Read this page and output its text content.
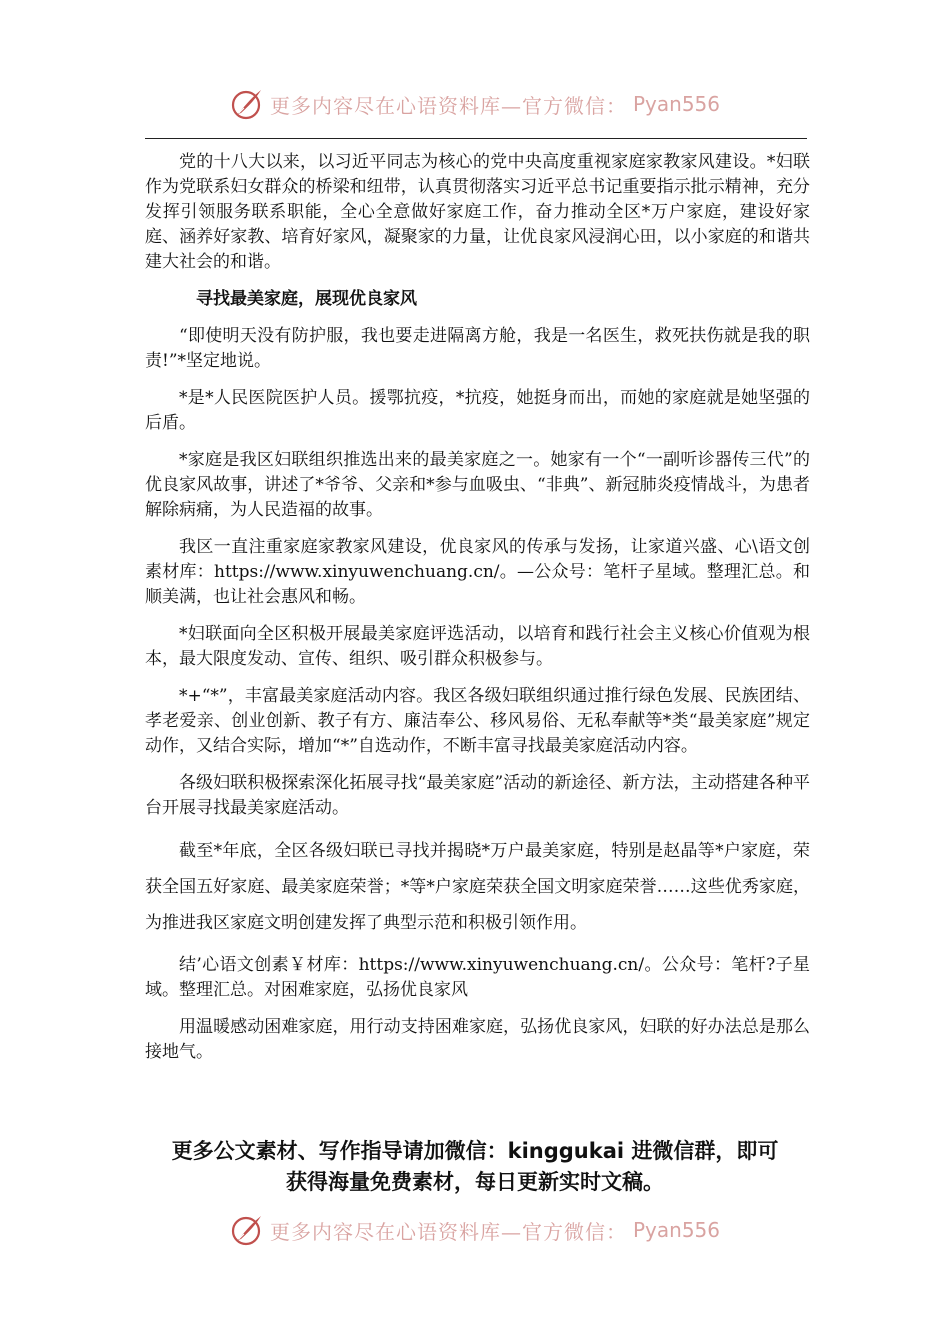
更多内容尽在心语资料库—官方微信： Pyan556

党的十八大以来，以习近平同志为核心的党中央高度重视家庭家教家风建设。*妇联作为党联系妇女群众的桥梁和纽带，认真贯彻落实习近平总书记重要指示批示精神，充分发挥引领服务联系职能，全心全意做好家庭工作，奋力推动全区*万户家庭，建设好家庭、涵养好家教、培育好家风，凝聚家的力量，让优良家风浸润心田，以小家庭的和谐共建大社会的和谐。

寻找最美家庭，展现优良家风

“即使明天没有防护服，我也要走进隔离方舱，我是一名医生，救死扶伤就是我的职责!”*坚定地说。

*是*人民医院医护人员。援鄂抗疫，*抗疫，她挺身而出，而她的家庭就是她坚强的后盾。

*家庭是我区妇联组织推选出来的最美家庭之一。她家有一个“一副听诊器传三代”的优良家风故事，讲述了*爷爷、父亲和*参与血吸虫、“非典”、新冠肺炎疫情战斗，为患者解除病痛，为人民造福的故事。

我区一直注重家庭家教家风建设，优良家风的传承与发扬，让家道兴盛、心\语文创素材库：https://www.xinyuwenchuang.cn/。—公众号：笔杆子星域。整理汇总。和顺美满，也让社会惠风和畅。

*妇联面向全区积极开展最美家庭评选活动，以培育和践行社会主义核心价值观为根本，最大限度发动、宣传、组织、吸引群众积极参与。

*+“*”，丰富最美家庭活动内容。我区各级妇联组织通过推行绿色发展、民族团结、孝老爱亲、创业创新、教子有方、廉洁奉公、移风易俗、无私奉献等*类“最美家庭”规定动作，又结合实际，增加“*”自选动作，不断丰富寻找最美家庭活动内容。

各级妇联积极探索深化拓展寻找“最美家庭”活动的新途径、新方法，主动搭建各种平台开展寻找最美家庭活动。

截至*年底，全区各级妇联已寻找并揭晓*万户最美家庭，特别是赵晶等*户家庭，荣获全国五好家庭、最美家庭荣誉；*等*户家庭荣获全国文明家庭荣誉……这些优秀家庭，为推进我区家庭文明创建发挥了典型示范和积极引领作用。

结’心语文创素￥材库：https://www.xinyuwenchuang.cn/。公众号：笔杆?子星域。整理汇总。对困难家庭，弘扬优良家风

用温暖感动困难家庭，用行动支持困难家庭，弘扬优良家风，妇联的好办法总是那么接地气。

更多公文素材、写作指导请加微信：kinggukai 进微信群，即可
获得海量免费素材，每日更新实时文稿。
更多内容尽在心语资料库—官方微信： Pyan556
